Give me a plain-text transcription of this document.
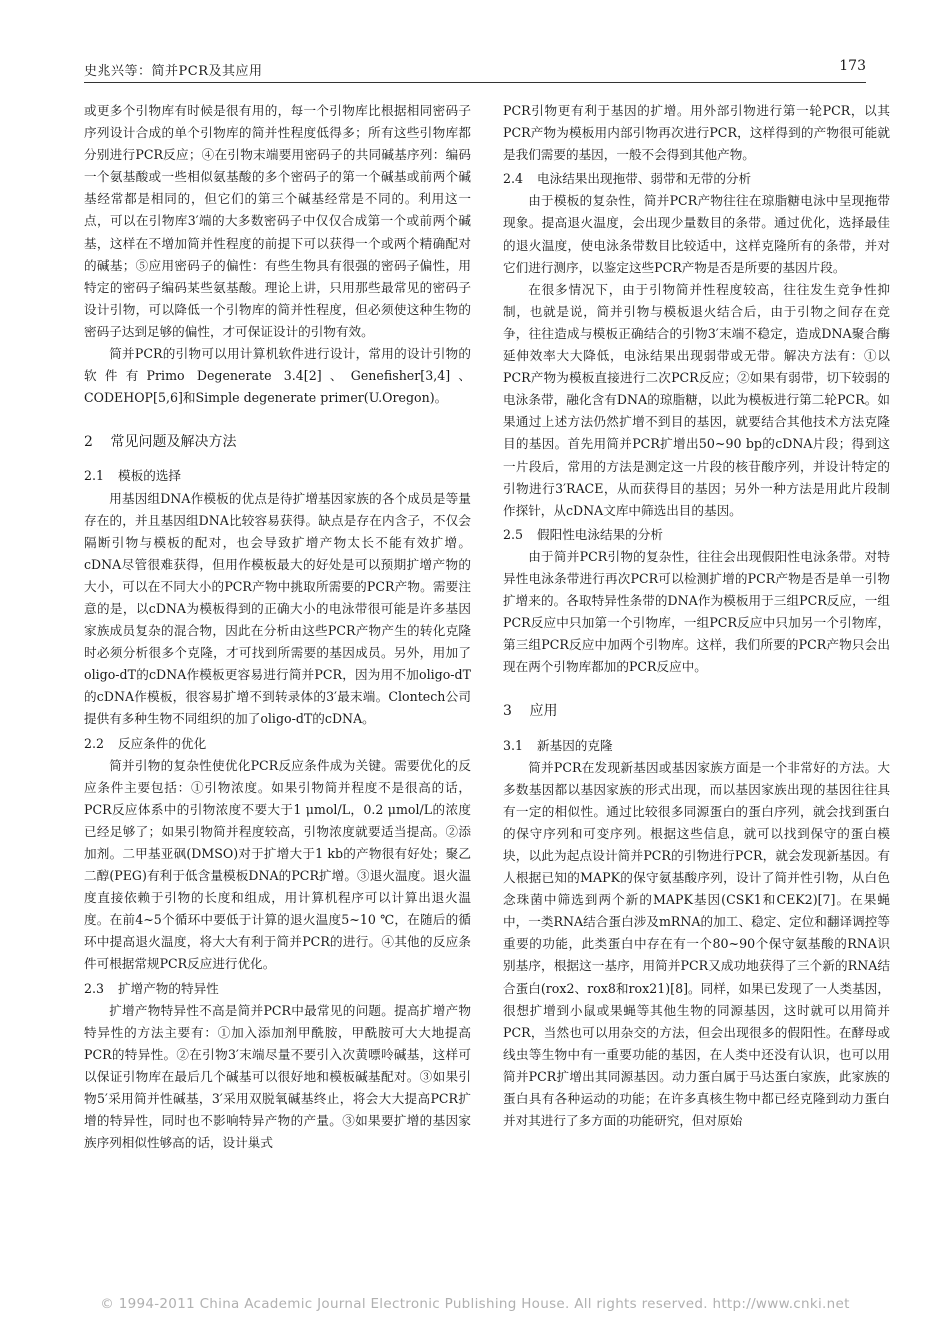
史兆兴等：简并PCR及其应用	173

或更多个引物库有时候是很有用的，每一个引物库比根据相同密码子序列设计合成的单个引物库的简并性程度低得多；所有这些引物库都分别进行PCR反应；④在引物末端要用密码子的共同碱基序列：编码一个氨基酸或一些相似氨基酸的多个密码子的第一个碱基或前两个碱基经常都是相同的，但它们的第三个碱基经常是不同的。利用这一点，可以在引物库3′端的大多数密码子中仅仅合成第一个或前两个碱基，这样在不增加简并性程度的前提下可以获得一个或两个精确配对的碱基；⑤应用密码子的偏性：有些生物具有很强的密码子偏性，用特定的密码子编码某些氨基酸。理论上讲，只用那些最常见的密码子设计引物，可以降低一个引物库的简并性程度，但必须使这种生物的密码子达到足够的偏性，才可保证设计的引物有效。

简并PCR的引物可以用计算机软件进行设计，常用的设计引物的软件有Primo Degenerate 3.4[2]、Genefisher[3,4]、CODEHOP[5,6]和Simple degenerate primer(U.Oregon)。

2 常见问题及解决方法
2.1 模板的选择

用基因组DNA作模板的优点是待扩增基因家族的各个成员是等量存在的，并且基因组DNA比较容易获得。缺点是存在内含子，不仅会隔断引物与模板的配对，也会导致扩增产物太长不能有效扩增。cDNA尽管很难获得，但用作模板最大的好处是可以预期扩增产物的大小，可以在不同大小的PCR产物中挑取所需要的PCR产物。需要注意的是，以cDNA为模板得到的正确大小的电泳带很可能是许多基因家族成员复杂的混合物，因此在分析由这些PCR产物产生的转化克隆时必须分析很多个克隆，才可找到所需要的基因成员。另外，用加了oligo-dT的cDNA作模板更容易进行简并PCR，因为用不加oligo-dT的cDNA作模板，很容易扩增不到转录体的3′最末端。Clontech公司提供有多种生物不同组织的加了oligo-dT的cDNA。

2.2 反应条件的优化

简并引物的复杂性使优化PCR反应条件成为关键。需要优化的反应条件主要包括：①引物浓度。如果引物简并程度不是很高的话，PCR反应体系中的引物浓度不要大于1 μmol/L，0.2 μmol/L的浓度已经足够了；如果引物简并程度较高，引物浓度就要适当提高。②添加剂。二甲基亚砜(DMSO)对于扩增大于1 kb的产物很有好处；聚乙二醇(PEG)有利于低含量模板DNA的PCR扩增。③退火温度。退火温度直接依赖于引物的长度和组成，用计算机程序可以计算出退火温度。在前4~5个循环中要低于计算的退火温度5~10 ℃，在随后的循环中提高退火温度，将大大有利于简并PCR的进行。④其他的反应条件可根据常规PCR反应进行优化。

2.3 扩增产物的特异性

扩增产物特异性不高是简并PCR中最常见的问题。提高扩增产物特异性的方法主要有：①加入添加剂甲酰胺，甲酰胺可大大地提高PCR的特异性。②在引物3′末端尽量不要引入次黄嘌呤碱基，这样可以保证引物库在最后几个碱基可以很好地和模板碱基配对。③如果引物5′采用简并性碱基，3′采用双脱氧碱基终止，将会大大提高PCR扩增的特异性，同时也不影响特异产物的产量。③如果要扩增的基因家族序列相似性够高的话，设计巢式

PCR引物更有利于基因的扩增。用外部引物进行第一轮PCR，以其PCR产物为模板用内部引物再次进行PCR，这样得到的产物很可能就是我们需要的基因，一般不会得到其他产物。

2.4 电泳结果出现拖带、弱带和无带的分析

由于模板的复杂性，简并PCR产物往往在琼脂糖电泳中呈现拖带现象。提高退火温度，会出现少量数目的条带。通过优化，选择最佳的退火温度，使电泳条带数目比较适中，这样克隆所有的条带，并对它们进行测序，以鉴定这些PCR产物是否是所要的基因片段。

在很多情况下，由于引物简并性程度较高，往往发生竞争性抑制，也就是说，简并引物与模板退火结合后，由于引物之间存在竞争，往往造成与模板正确结合的引物3′末端不稳定，造成DNA聚合酶延伸效率大大降低，电泳结果出现弱带或无带。解决方法有：①以PCR产物为模板直接进行二次PCR反应；②如果有弱带，切下较弱的电泳条带，融化含有DNA的琼脂糖，以此为模板进行第二轮PCR。如果通过上述方法仍然扩增不到目的基因，就要结合其他技术方法克隆目的基因。首先用简并PCR扩增出50~90 bp的cDNA片段；得到这一片段后，常用的方法是测定这一片段的核苷酸序列，并设计特定的引物进行3′RACE，从而获得目的基因；另外一种方法是用此片段制作探针，从cDNA文库中筛选出目的基因。

2.5 假阳性电泳结果的分析

由于简并PCR引物的复杂性，往往会出现假阳性电泳条带。对特异性电泳条带进行再次PCR可以检测扩增的PCR产物是否是单一引物扩增来的。各取特异性条带的DNA作为模板用于三组PCR反应，一组PCR反应中只加第一个引物库，一组PCR反应中只加另一个引物库，第三组PCR反应中加两个引物库。这样，我们所要的PCR产物只会出现在两个引物库都加的PCR反应中。

3 应用
3.1 新基因的克隆

简并PCR在发现新基因或基因家族方面是一个非常好的方法。大多数基因都以基因家族的形式出现，而以基因家族出现的基因往往具有一定的相似性。通过比较很多同源蛋白的蛋白序列，就会找到蛋白的保守序列和可变序列。根据这些信息，就可以找到保守的蛋白模块，以此为起点设计简并PCR的引物进行PCR，就会发现新基因。有人根据已知的MAPK的保守氨基酸序列，设计了简并性引物，从白色念珠菌中筛选到两个新的MAPK基因(CSK1和CEK2)[7]。在果蝇中，一类RNA结合蛋白涉及mRNA的加工、稳定、定位和翻译调控等重要的功能，此类蛋白中存在有一个80~90个保守氨基酸的RNA识别基序，根据这一基序，用简并PCR又成功地获得了三个新的RNA结合蛋白(rox2、rox8和rox21)[8]。同样，如果已发现了一人类基因，很想扩增到小鼠或果蝇等其他生物的同源基因，这时就可以用简并PCR，当然也可以用杂交的方法，但会出现很多的假阳性。在酵母或线虫等生物中有一重要功能的基因，在人类中还没有认识，也可以用简并PCR扩增出其同源基因。动力蛋白属于马达蛋白家族，此家族的蛋白具有各种运动的功能；在许多真核生物中都已经克隆到动力蛋白并对其进行了多方面的功能研究，但对原始

© 1994-2011 China Academic Journal Electronic Publishing House. All rights reserved. http://www.cnki.net
